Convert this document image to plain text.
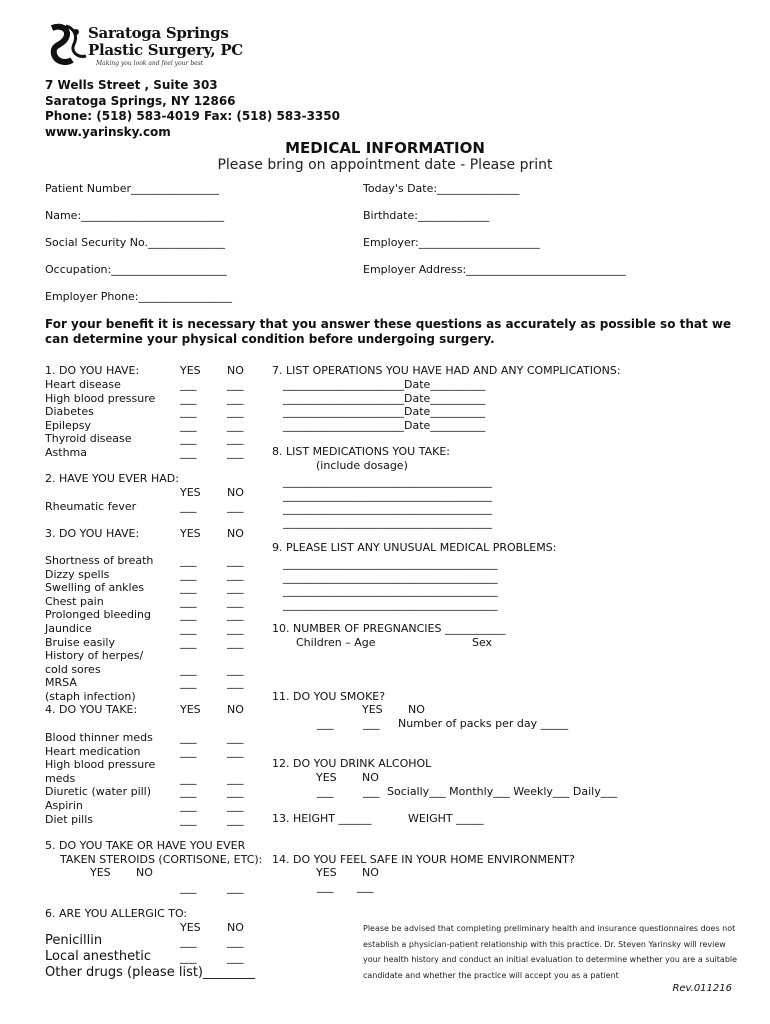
Saratoga Springs
Plastic Surgery, PC
Making you look and feel your best
7 Wells Street , Suite 303
Saratoga Springs, NY 12866
Phone: (518) 583-4019 Fax: (518) 583-3350
www.yarinsky.com
MEDICAL INFORMATION
Please bring on appointment date - Please print
Patient Number________________	Today's Date:_______________
Name:__________________________	Birthdate:_____________
Social Security No.______________	Employer:______________________
Occupation:_____________________	Employer Address:_____________________________
Employer Phone:_________________
For your benefit it is necessary that you answer these questions as accurately as possible so that we can determine your physical condition before undergoing surgery.
1. DO YOU HAVE:	YES NO
Heart disease	___	___
High blood pressure ___	___
Diabetes	___	___
Epilepsy	___	___
Thyroid disease	___	___
Asthma	___	___
2. HAVE YOU EVER HAD:
YES NO
Rheumatic fever	___	___
3. DO YOU HAVE:	YES NO
Shortness of breath ___	___
Dizzy spells	___	___
Swelling of ankles	___	___
Chest pain	___	___
Prolonged bleeding	___	___
Jaundice	___	___
Bruise easily	___	___
History of herpes/
cold sores	___	___
MRSA	___	___
(staph infection)
4. DO YOU TAKE:	YES NO
Blood thinner meds ___	___
Heart medication	___	___
High blood pressure
meds	___	___
Diuretic (water pill)	___	___
Aspirin	___	___
Diet pills	___	___
5. DO YOU TAKE OR HAVE YOU EVER
TAKEN STEROIDS (CORTISONE, ETC):
YES NO
___	___
6. ARE YOU ALLERGIC TO:
YES NO
Penicillin	___	___
Local anesthetic	___	___
Other drugs (please list)________
7. LIST OPERATIONS YOU HAVE HAD AND ANY COMPLICATIONS:
______________________Date__________
______________________Date__________
______________________Date__________
______________________Date__________
8. LIST MEDICATIONS YOU TAKE:
(include dosage)
______________________________________
______________________________________
______________________________________
______________________________________
9. PLEASE LIST ANY UNUSUAL MEDICAL PROBLEMS:
_______________________________________
_______________________________________
_______________________________________
_______________________________________
10. NUMBER OF PREGNANCIES ___________
Children – Age	Sex
11. DO YOU SMOKE?
YES NO
___	___ Number of packs per day _____
12. DO YOU DRINK ALCOHOL
YES NO
___	___ Socially___ Monthly___ Weekly___ Daily___
13. HEIGHT ______	WEIGHT _____
14. DO YOU FEEL SAFE IN YOUR HOME ENVIRONMENT?
YES NO
___ ___
Please be advised that completing preliminary health and insurance questionnaires does not establish a physician-patient relationship with this practice. Dr. Steven Yarinsky will review your health history and conduct an initial evaluation to determine whether you are a suitable candidate and whether the practice will accept you as a patient
Rev.011216
